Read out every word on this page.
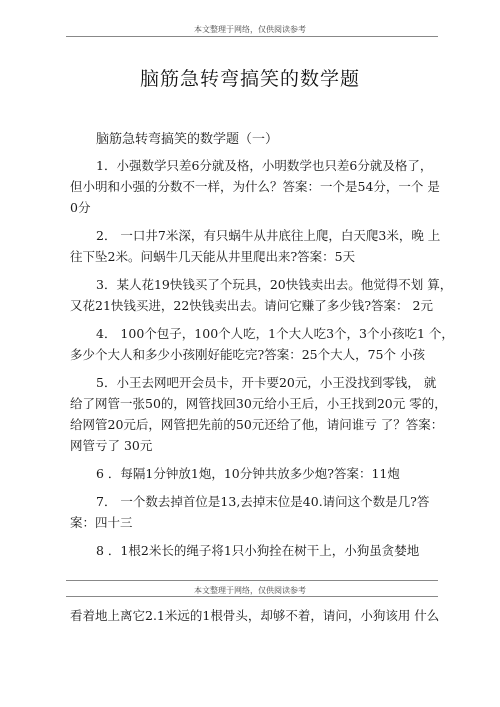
本文整理于网络，仅供阅读参考
脑筋急转弯搞笑的数学题
脑筋急转弯搞笑的数学题（一）
1．小强数学只差6分就及格，小明数学也只差6分就及格了，
但小明和小强的分数不一样，为什么？答案：一个是54分，一个 是
0分
2． 一口井7米深，有只蜗牛从井底往上爬，白天爬3米，晚 上
往下坠2米。问蜗牛几天能从井里爬出来?答案：5天
3．某人花19快钱买了个玩具，20快钱卖出去。他觉得不划 算，
又花21快钱买进，22快钱卖出去。请问它赚了多少钱?答案： 2元
4． 100个包子，100个人吃，1个大人吃3个，3个小孩吃1 个，
多少个大人和多少小孩刚好能吃完?答案：25个大人，75个 小孩
5．小王去网吧开会员卡，开卡要20元，小王没找到零钱， 就
给了网管一张50的，网管找回30元给小王后，小王找到20元 零的，
给网管20元后，网管把先前的50元还给了他，请问谁亏 了？答案：
网管亏了 30元
6 ．每隔1分钟放1炮，10分钟共放多少炮?答案：11炮
7． 一个数去掉首位是13,去掉末位是40.请问这个数是几?答
案：四十三
8 ．1根2米长的绳子将1只小狗拴在树干上，小狗虽贪婪地
本文整理于网络，仅供阅读参考
看着地上离它2.1米远的1根骨头，却够不着，请问，小狗该用 什么
